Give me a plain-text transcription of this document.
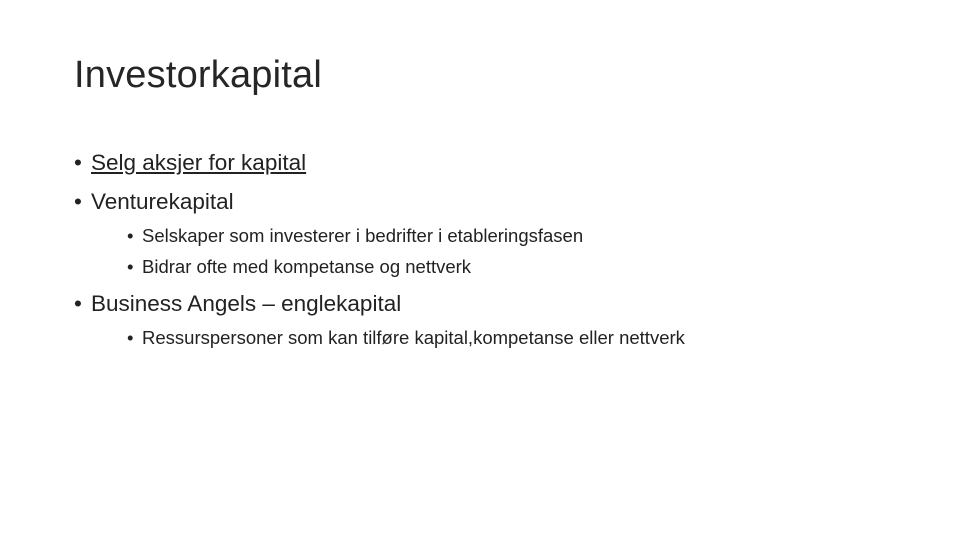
Investorkapital
• Selg aksjer for kapital
• Venturekapital
• Selskaper som investerer i bedrifter i etableringsfasen
• Bidrar ofte med kompetanse og nettverk
• Business Angels – englekapital
• Ressurspersoner som kan tilføre kapital,kompetanse eller nettverk
